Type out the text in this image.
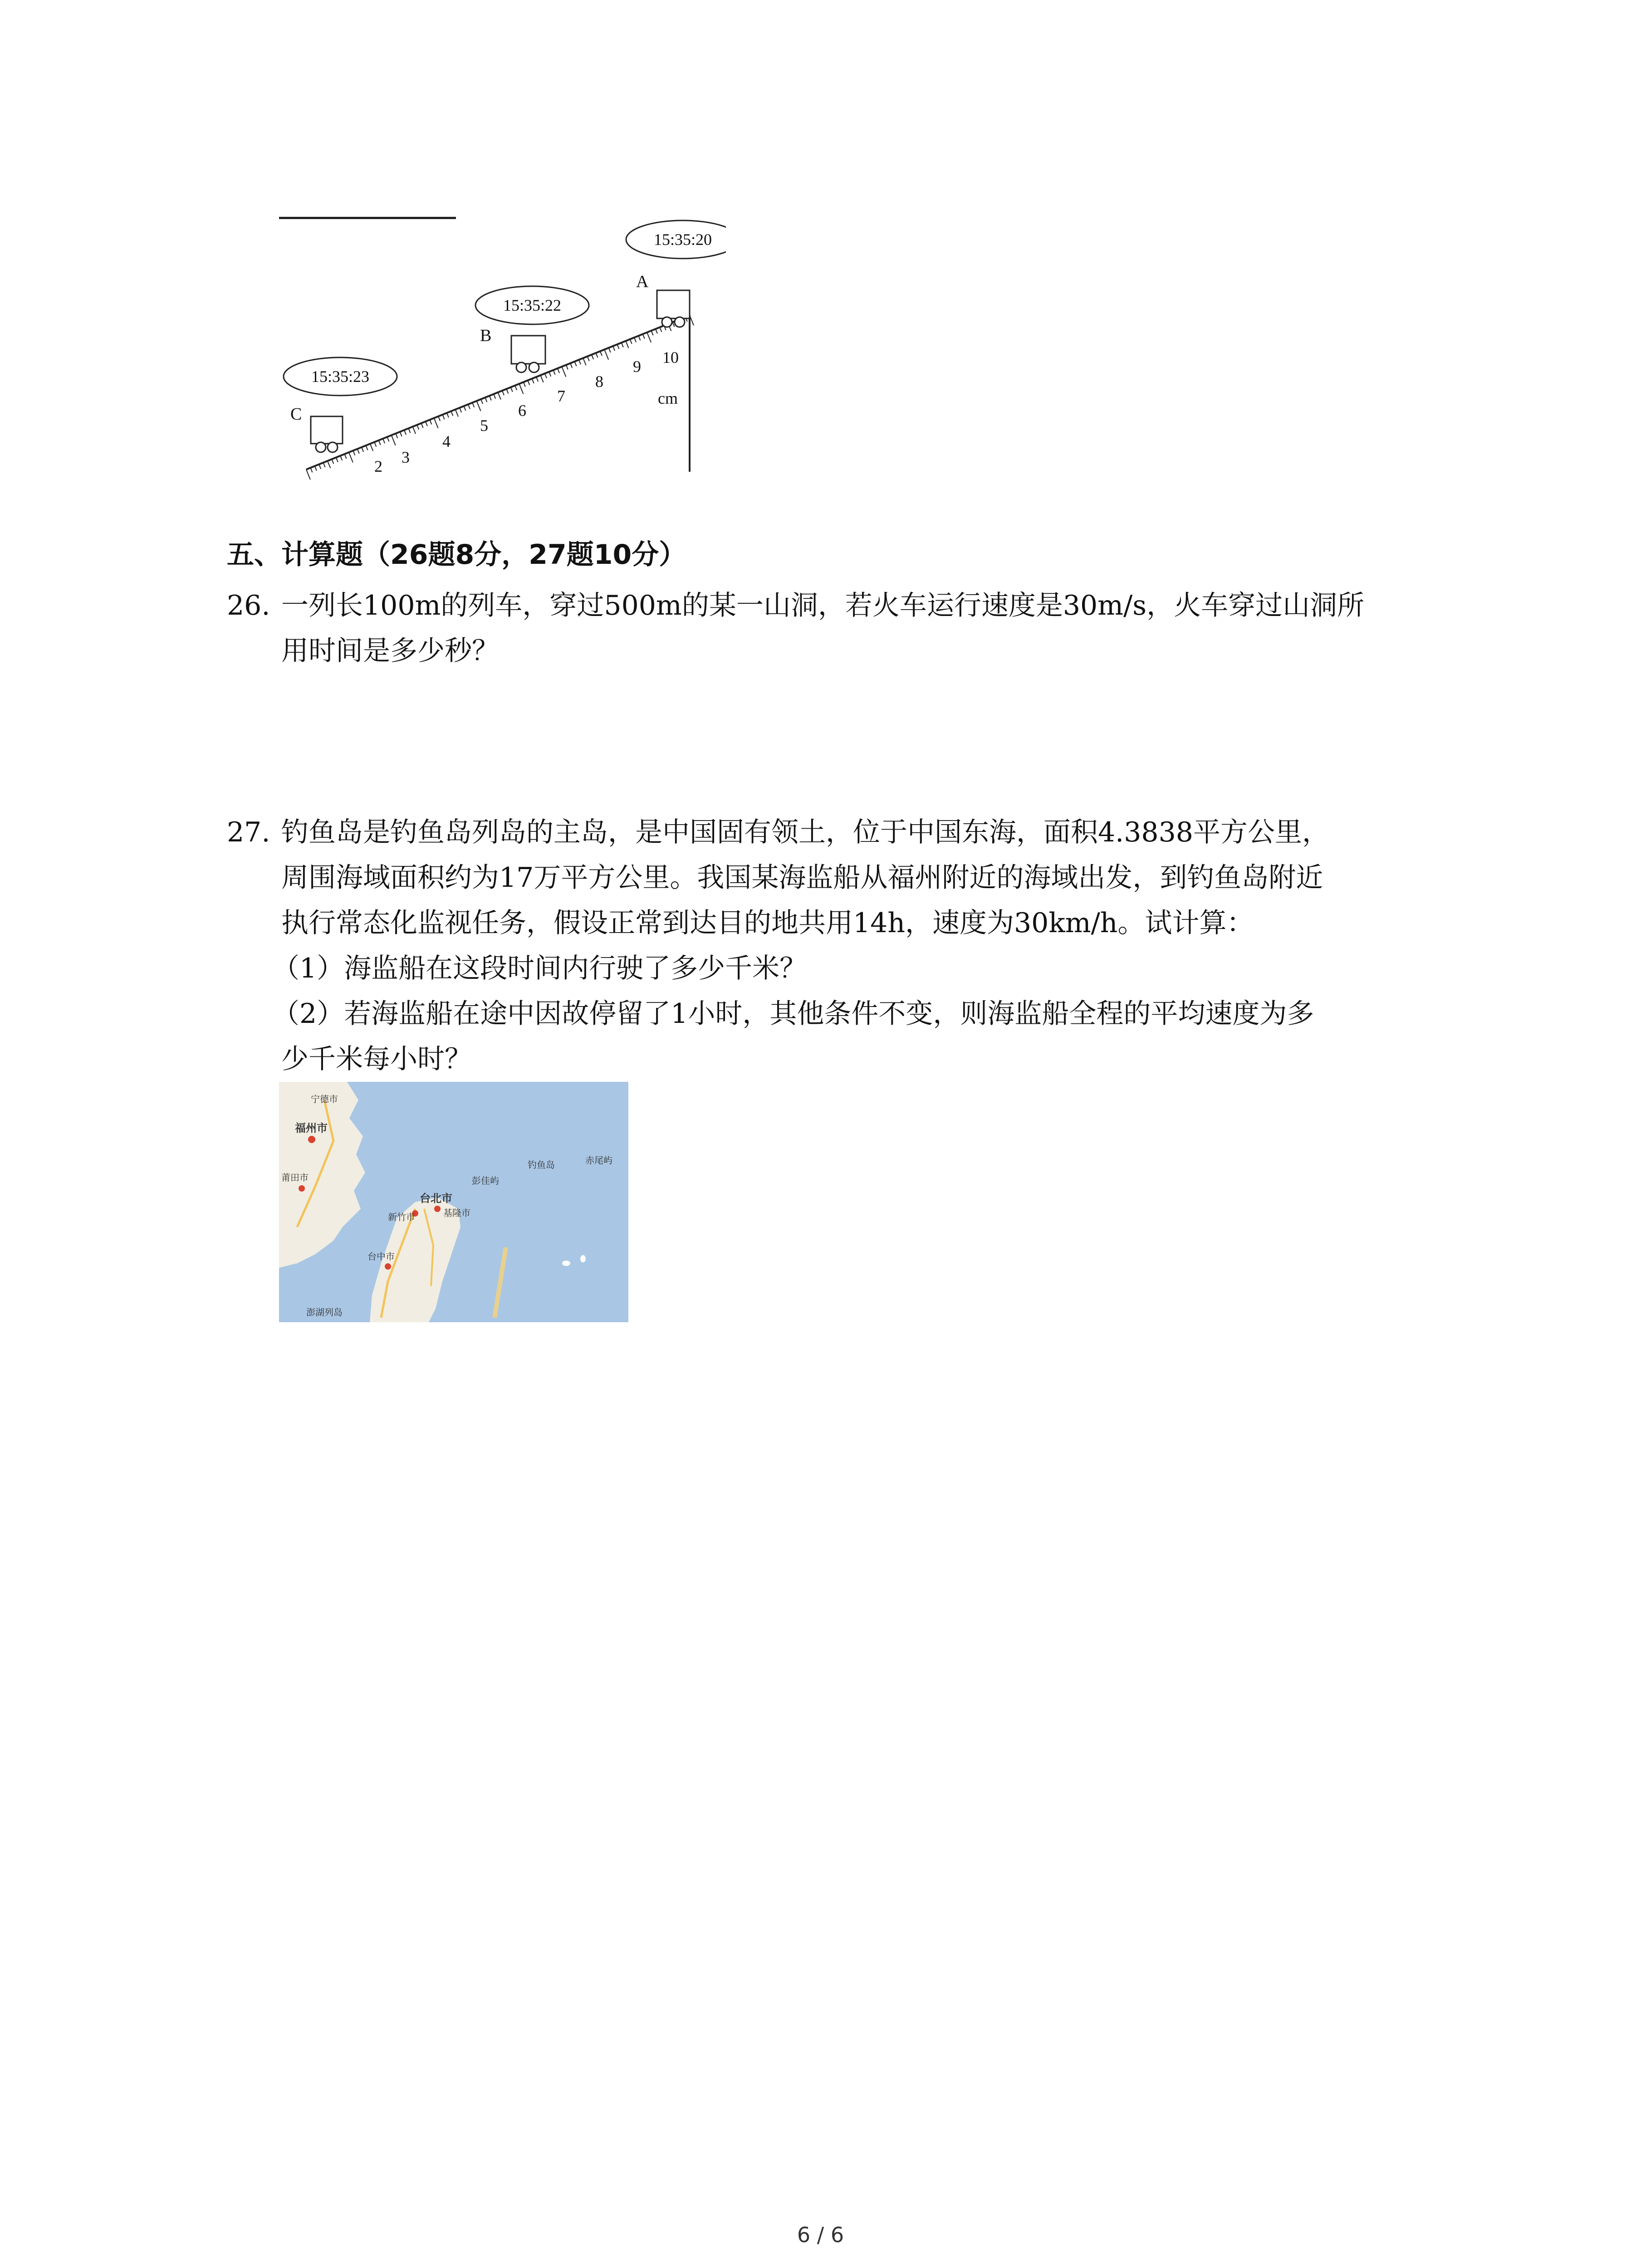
2 3
4
5
6
7
8
9 10
cm
C
15:35:23
B
15:35:22
A
15:35:20
五、计算题（26题8分，27题10分）
26. 一列长100m的列车，穿过500m的某一山洞，若火车运行速度是30m/s，火车穿过山洞所
用时间是多少秒？
27. 钓鱼岛是钓鱼岛列岛的主岛，是中国固有领土，位于中国东海，面积4.3838平方公里，
周围海域面积约为17万平方公里。我国某海监船从福州附近的海域出发，到钓鱼岛附近
执行常态化监视任务，假设正常到达目的地共用14h，速度为30km/h。试计算：
（1）海监船在这段时间内行驶了多少千米？
（2）若海监船在途中因故停留了1小时，其他条件不变，则海监船全程的平均速度为多
少千米每小时？
宁德市
福州市
莆田市
台北市
新竹市	基隆市
台中市
澎湖列岛
彭佳屿
钓鱼岛	赤尾屿
6 / 6
